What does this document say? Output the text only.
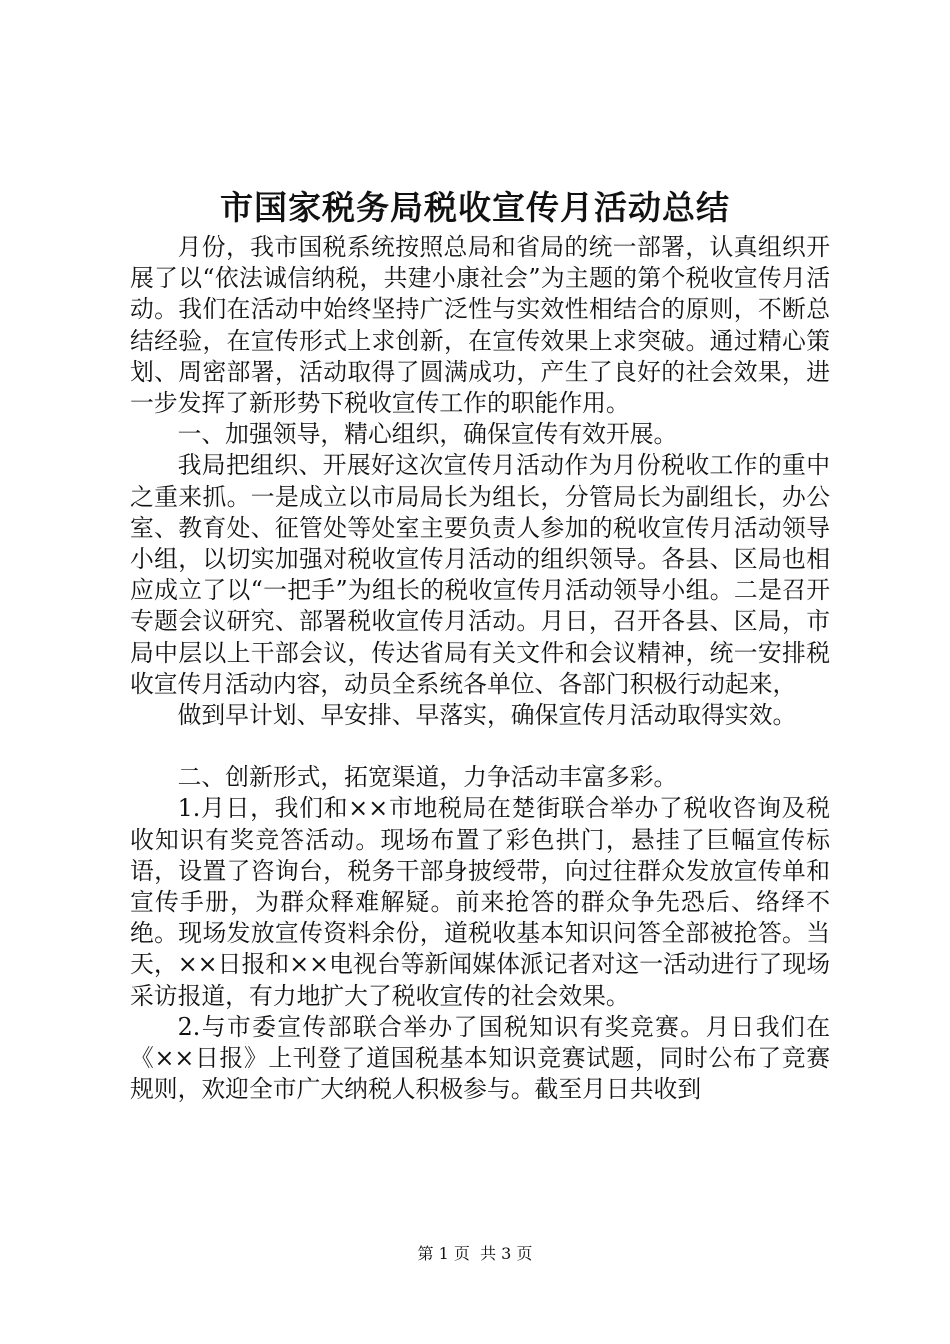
市国家税务局税收宣传月活动总结

月份，我市国税系统按照总局和省局的统一部署，认真组织开展了以“依法诚信纳税，共建小康社会”为主题的第个税收宣传月活动。我们在活动中始终坚持广泛性与实效性相结合的原则，不断总结经验，在宣传形式上求创新，在宣传效果上求突破。通过精心策划、周密部署，活动取得了圆满成功，产生了良好的社会效果，进一步发挥了新形势下税收宣传工作的职能作用。

一、加强领导，精心组织，确保宣传有效开展。

我局把组织、开展好这次宣传月活动作为月份税收工作的重中之重来抓。一是成立以市局局长为组长，分管局长为副组长，办公室、教育处、征管处等处室主要负责人参加的税收宣传月活动领导小组，以切实加强对税收宣传月活动的组织领导。各县、区局也相应成立了以“一把手”为组长的税收宣传月活动领导小组。二是召开专题会议研究、部署税收宣传月活动。月日，召开各县、区局，市局中层以上干部会议，传达省局有关文件和会议精神，统一安排税收宣传月活动内容，动员全系统各单位、各部门积极行动起来，

做到早计划、早安排、早落实，确保宣传月活动取得实效。

二、创新形式，拓宽渠道，力争活动丰富多彩。

1.月日，我们和××市地税局在楚街联合举办了税收咨询及税收知识有奖竞答活动。现场布置了彩色拱门，悬挂了巨幅宣传标语，设置了咨询台，税务干部身披绶带，向过往群众发放宣传单和宣传手册，为群众释难解疑。前来抢答的群众争先恐后、络绎不绝。现场发放宣传资料余份，道税收基本知识问答全部被抢答。当天，××日报和××电视台等新闻媒体派记者对这一活动进行了现场采访报道，有力地扩大了税收宣传的社会效果。

2.与市委宣传部联合举办了国税知识有奖竞赛。月日我们在《××日报》上刊登了道国税基本知识竞赛试题，同时公布了竞赛规则，欢迎全市广大纳税人积极参与。截至月日共收到

第 1 页  共 3 页
